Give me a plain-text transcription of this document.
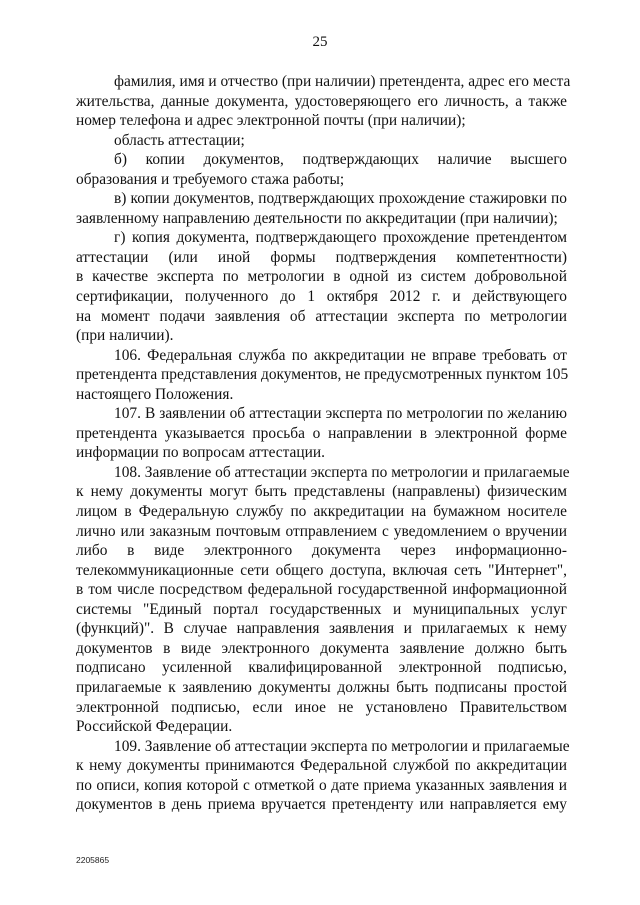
25
фамилия, имя и отчество (при наличии) претендента, адрес его места
жительства, данные документа, удостоверяющего его личность, а также
номер телефона и адрес электронной почты (при наличии);
область аттестации;
б) копии документов, подтверждающих наличие высшего
образования и требуемого стажа работы;
в) копии документов, подтверждающих прохождение стажировки по
заявленному направлению деятельности по аккредитации (при наличии);
г) копия документа, подтверждающего прохождение претендентом
аттестации (или иной формы подтверждения компетентности)
в качестве эксперта по метрологии в одной из систем добровольной
сертификации, полученного до 1 октября 2012 г. и действующего
на момент подачи заявления об аттестации эксперта по метрологии
(при наличии).
106. Федеральная служба по аккредитации не вправе требовать от
претендента представления документов, не предусмотренных пунктом 105
настоящего Положения.
107. В заявлении об аттестации эксперта по метрологии по желанию
претендента указывается просьба о направлении в электронной форме
информации по вопросам аттестации.
108. Заявление об аттестации эксперта по метрологии и прилагаемые
к нему документы могут быть представлены (направлены) физическим
лицом в Федеральную службу по аккредитации на бумажном носителе
лично или заказным почтовым отправлением с уведомлением о вручении
либо в виде электронного документа через информационно-
телекоммуникационные сети общего доступа, включая сеть "Интернет",
в том числе посредством федеральной государственной информационной
системы "Единый портал государственных и муниципальных услуг
(функций)". В случае направления заявления и прилагаемых к нему
документов в виде электронного документа заявление должно быть
подписано усиленной квалифицированной электронной подписью,
прилагаемые к заявлению документы должны быть подписаны простой
электронной подписью, если иное не установлено Правительством
Российской Федерации.
109. Заявление об аттестации эксперта по метрологии и прилагаемые
к нему документы принимаются Федеральной службой по аккредитации
по описи, копия которой с отметкой о дате приема указанных заявления и
документов в день приема вручается претенденту или направляется ему
2205865
